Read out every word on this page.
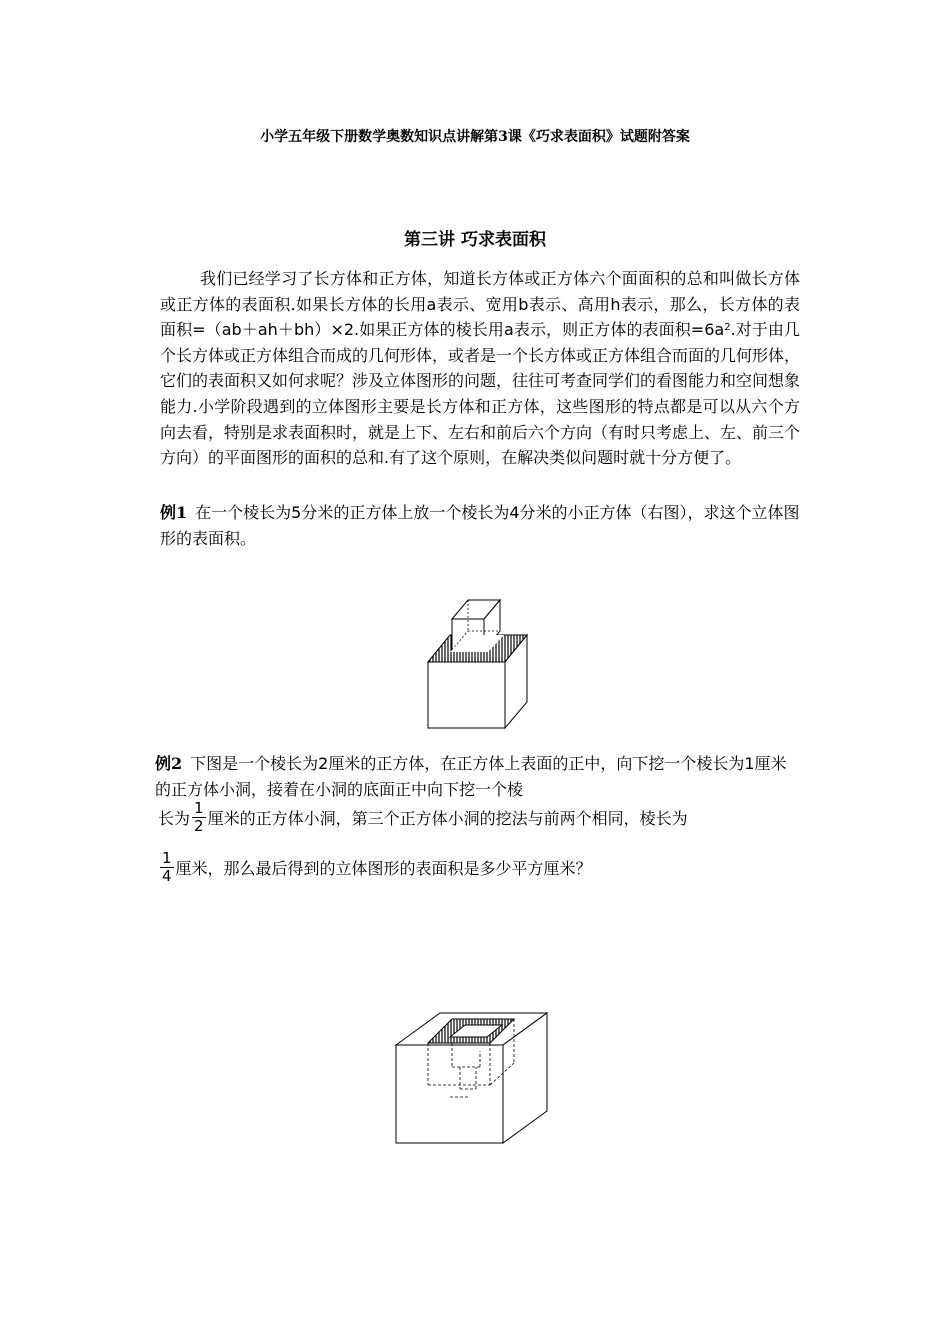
小学五年级下册数学奥数知识点讲解第3课《巧求表面积》试题附答案
第三讲 巧求表面积
我们已经学习了长方体和正方体，知道长方体或正方体六个面面积的总和叫做长方体或正方体的表面积.如果长方体的长用a表示、宽用b表示、高用h表示，那么，长方体的表面积=（ab＋ah＋bh）×2.如果正方体的棱长用a表示，则正方体的表面积$=6a^2$.对于由几个长方体或正方体组合而成的几何形体，或者是一个长方体或正方体组合而面的几何形体，它们的表面积又如何求呢？涉及立体图形的问题，往往可考查同学们的看图能力和空间想象能力.小学阶段遇到的立体图形主要是长方体和正方体，这些图形的特点都是可以从六个方向去看，特别是求表面积时，就是上下、左右和前后六个方向（有时只考虑上、左、前三个方向）的平面图形的面积的总和.有了这个原则，在解决类似问题时就十分方便了。
例1 在一个棱长为5分米的正方体上放一个棱长为4分米的小正方体（右图），求这个立体图形的表面积。
例2 下图是一个棱长为2厘米的正方体，在正方体上表面的正中，向下挖一个棱长为1厘米的正方体小洞，接着在小洞的底面正中向下挖一个棱
长为 $\frac{1}{2}$ 厘米的正方体小洞，第三个正方体小洞的挖法与前两个相同，棱长为
$\frac{1}{4}$ 厘米，那么最后得到的立体图形的表面积是多少平方厘米？
